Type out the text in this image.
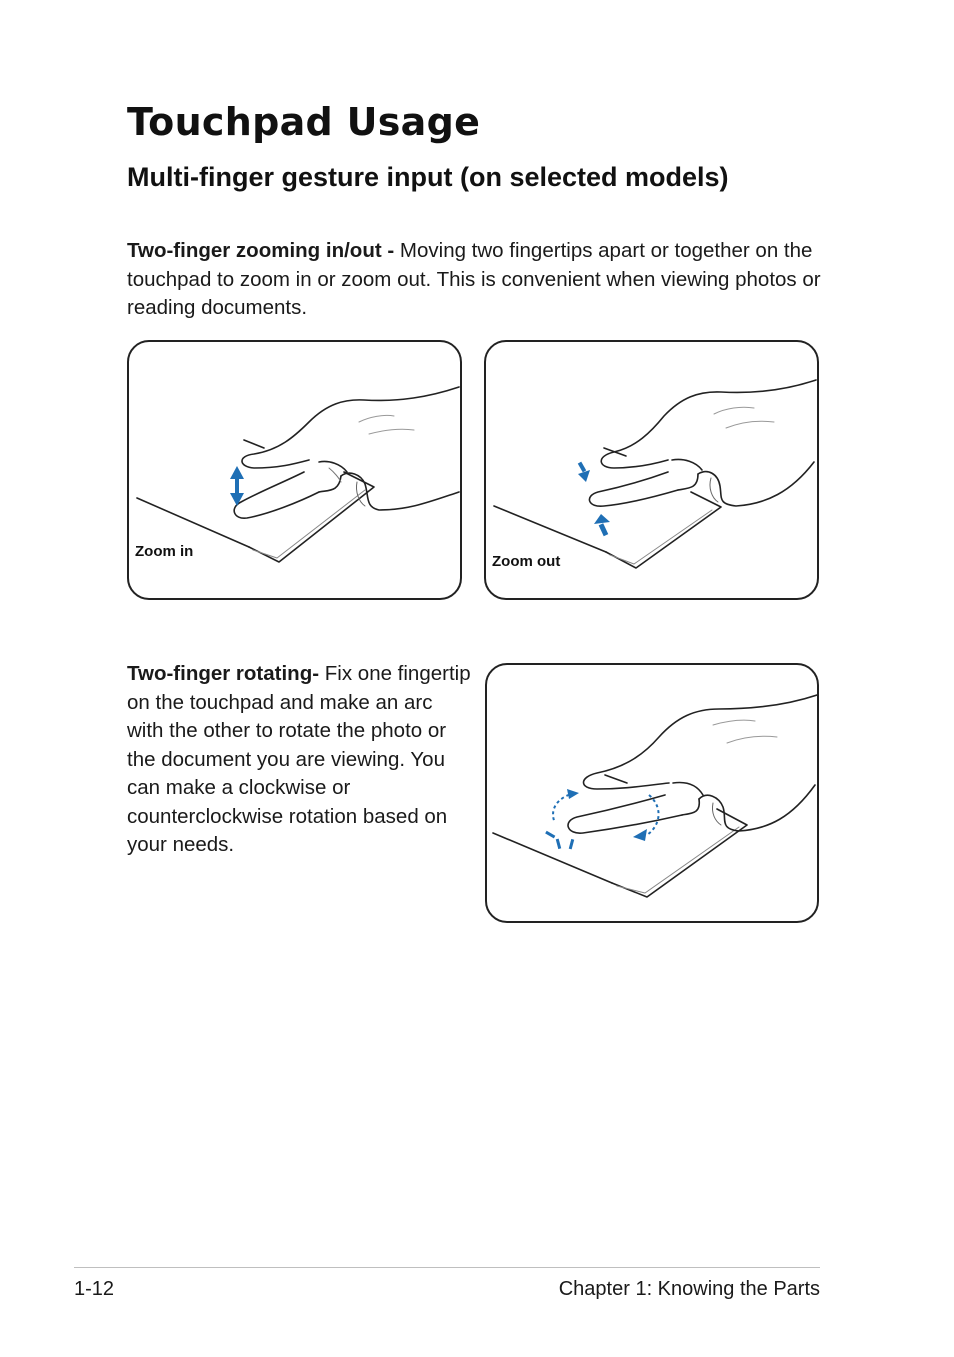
Touchpad Usage
Multi-finger gesture input (on selected models)

Two-finger zooming in/out - Moving two fingertips apart or together on the touchpad to zoom in or zoom out. This is convenient when viewing photos or reading documents.

Zoom in
Zoom out

Two-finger rotating- Fix one fingertip on the touchpad and make an arc with the other to rotate the photo or the document you are viewing. You can make a clockwise or counterclockwise rotation based on your needs.

1-12	Chapter 1: Knowing the Parts
